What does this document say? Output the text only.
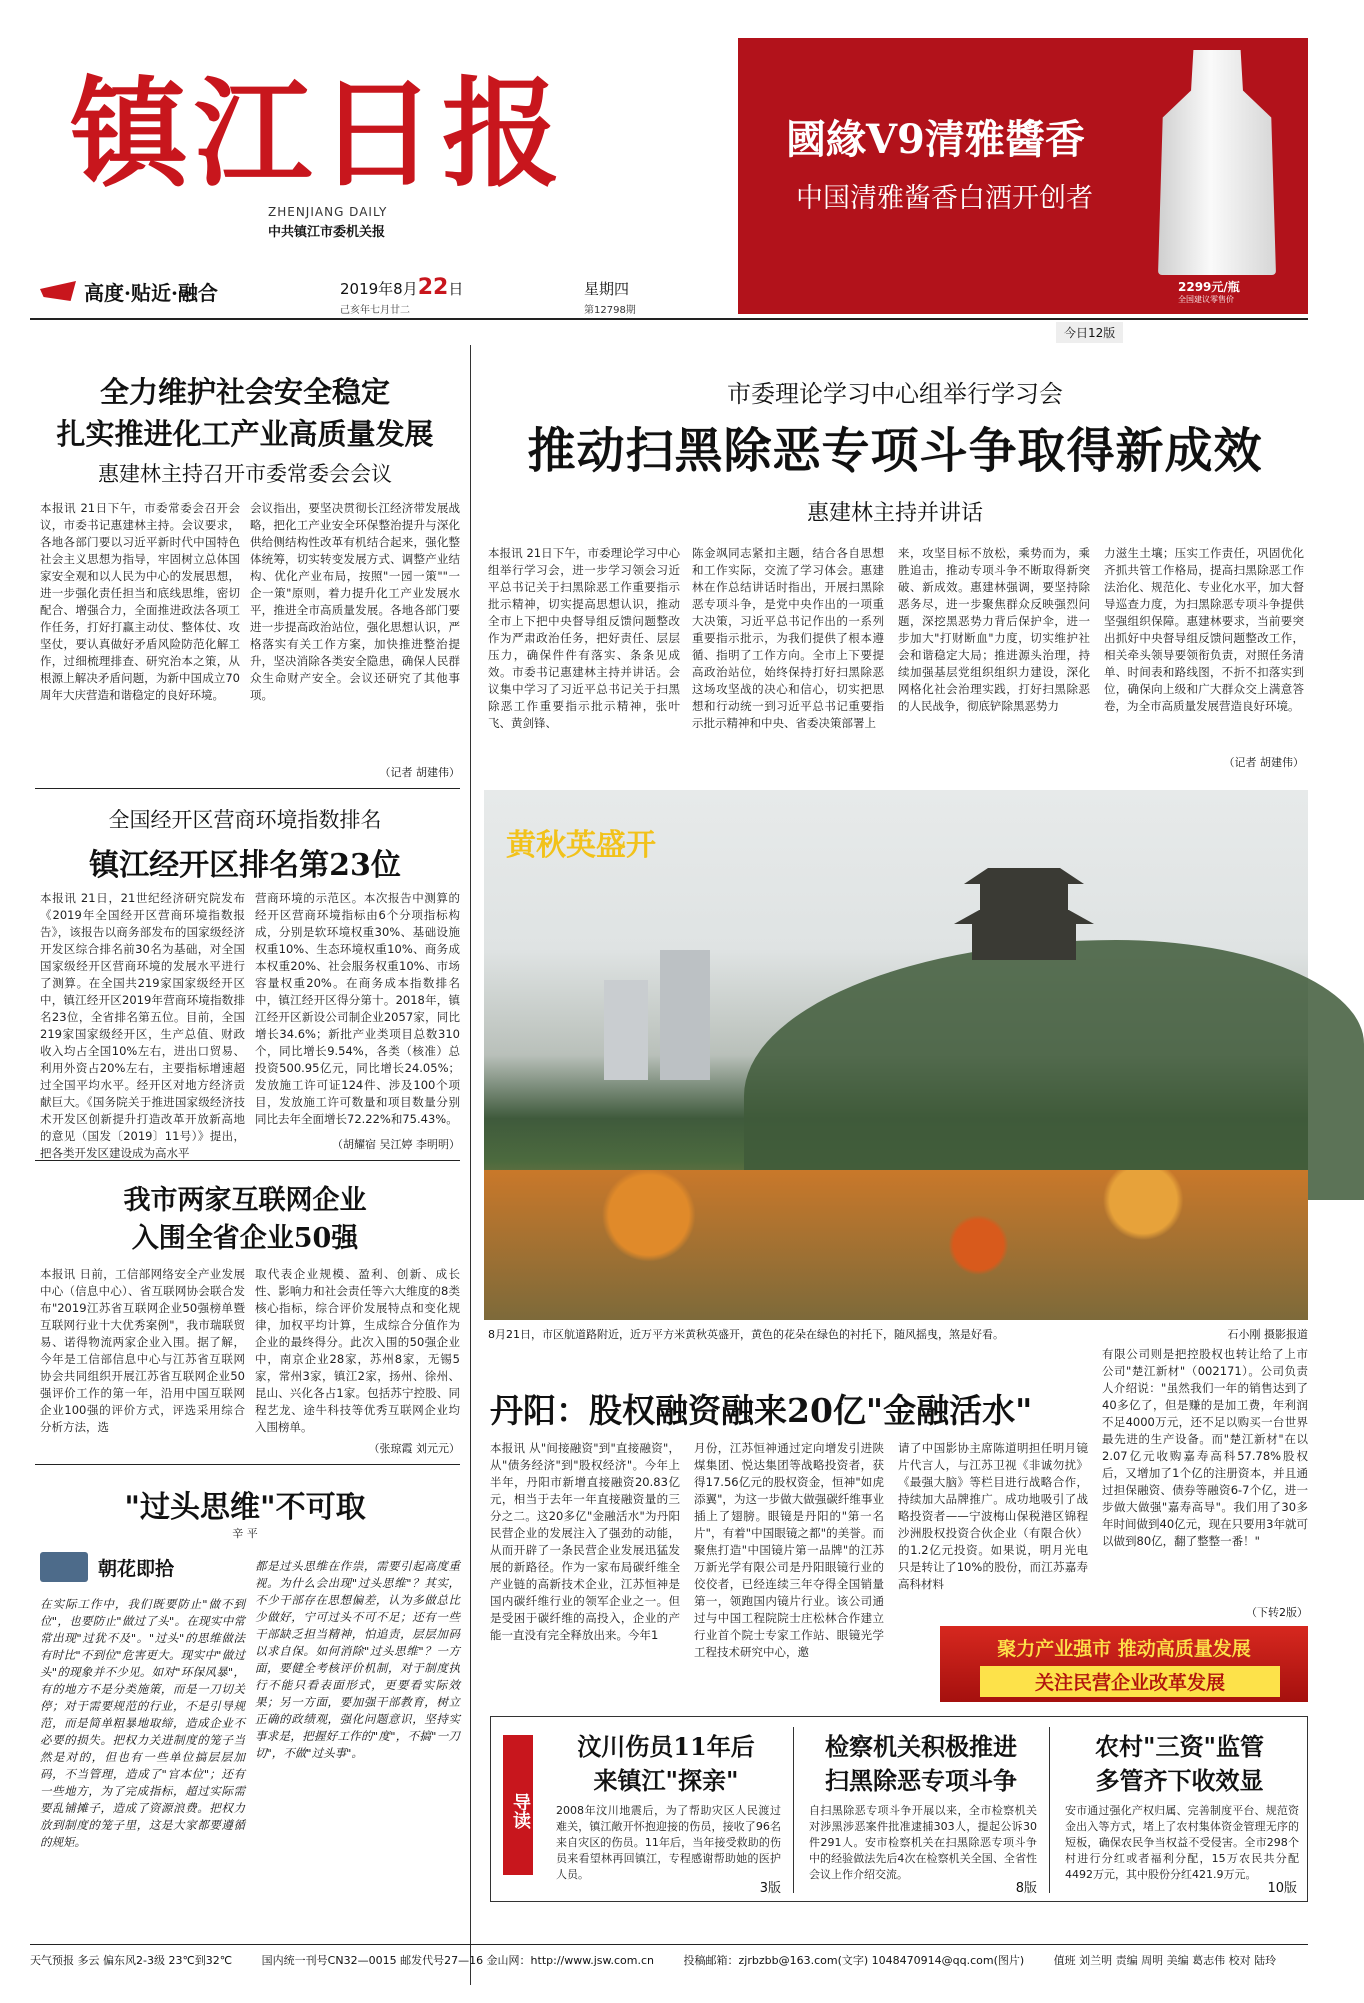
镇江日报
ZHENJIANG DAILY
中共镇江市委机关报
高度·贴近·融合	2019年8月22日
己亥年七月廿二
星期四
第12798期
國緣V9清雅醬香
中国清雅酱香白酒开创者
2299元/瓶
全国建议零售价
今日12版
全力维护社会安全稳定
扎实推进化工产业高质量发展
惠建林主持召开市委常委会会议
本报讯 21日下午，市委常委会召开会议，市委书记惠建林主持。会议要求，各地各部门要以习近平新时代中国特色社会主义思想为指导，牢固树立总体国家安全观和以人民为中心的发展思想，进一步强化责任担当和底线思维，密切配合、增强合力，全面推进政法各项工作任务，打好打赢主动仗、整体仗、攻坚仗，要认真做好矛盾风险防范化解工作，过细梳理排查、研究治本之策，从根源上解决矛盾问题，为新中国成立70周年大庆营造和谐稳定的良好环境。
会议指出，要坚决贯彻长江经济带发展战略，把化工产业安全环保整治提升与深化供给侧结构性改革有机结合起来，强化整体统筹，切实转变发展方式、调整产业结构、优化产业布局，按照"一园一策""一企一策"原则，着力提升化工产业发展水平，推进全市高质量发展。各地各部门要进一步提高政治站位，强化思想认识，严格落实有关工作方案，加快推进整治提升，坚决消除各类安全隐患，确保人民群众生命财产安全。会议还研究了其他事项。
（记者 胡建伟）
全国经开区营商环境指数排名
镇江经开区排名第23位
本报讯 21日，21世纪经济研究院发布《2019年全国经开区营商环境指数报告》，该报告以商务部发布的国家级经济开发区综合排名前30名为基础，对全国国家级经开区营商环境的发展水平进行了测算。在全国共219家国家级经开区中，镇江经开区2019年营商环境指数排名23位，全省排名第五位。目前，全国219家国家级经开区，生产总值、财政收入均占全国10%左右，进出口贸易、利用外资占20%左右，主要指标增速超过全国平均水平。经开区对地方经济贡献巨大。《国务院关于推进国家级经济技术开发区创新提升打造改革开放新高地的意见（国发〔2019〕11号）》提出，把各类开发区建设成为高水平
营商环境的示范区。本次报告中测算的经开区营商环境指标由6个分项指标构成，分别是软环境权重30%、基础设施权重10%、生态环境权重10%、商务成本权重20%、社会服务权重10%、市场容量权重20%。在商务成本指数排名中，镇江经开区得分第十。2018年，镇江经开区新设公司制企业2057家，同比增长34.6%；新批产业类项目总数310个，同比增长9.54%，各类（核准）总投资500.95亿元，同比增长24.05%；发放施工许可证124件、涉及100个项目，发放施工许可数量和项目数量分别同比去年全面增长72.22%和75.43%。
（胡耀宿 吴江婷 李明明）
我市两家互联网企业
入围全省企业50强
本报讯 日前，工信部网络安全产业发展中心（信息中心）、省互联网协会联合发布"2019江苏省互联网企业50强榜单暨互联网行业十大优秀案例"，我市瑞联贸易、诺得物流两家企业入围。据了解，今年是工信部信息中心与江苏省互联网协会共同组织开展江苏省互联网企业50强评价工作的第一年，沿用中国互联网企业100强的评价方式，评选采用综合分析方法，选
取代表企业规模、盈利、创新、成长性、影响力和社会责任等六大维度的8类核心指标，综合评价发展特点和变化规律，加权平均计算，生成综合分值作为企业的最终得分。此次入围的50强企业中，南京企业28家，苏州8家，无锡5家，常州3家，镇江2家，扬州、徐州、昆山、兴化各占1家。包括苏宁控股、同程艺龙、途牛科技等优秀互联网企业均入围榜单。
（张琼霞 刘元元）
"过头思维"不可取
辛 平
朝花即拾
在实际工作中，我们既要防止"做不到位"，也要防止"做过了头"。在现实中常常出现"过犹不及"。"过头"的思维做法有时比"不到位"危害更大。现实中"做过头"的现象并不少见。如对"环保风暴"，有的地方不是分类施策，而是一刀切关停；对于需要规范的行业，不是引导规范，而是简单粗暴地取缔，造成企业不必要的损失。把权力关进制度的笼子当然是对的，但也有一些单位搞层层加码，不当管理，造成了"官本位"；还有一些地方，为了完成指标，超过实际需要乱铺摊子，造成了资源浪费。把权力放到制度的笼子里，这是大家都要遵循的规矩。
都是过头思维在作祟，需要引起高度重视。为什么会出现"过头思维"？其实，不少干部存在思想偏差，认为多做总比少做好，宁可过头不可不足；还有一些干部缺乏担当精神，怕追责，层层加码以求自保。如何消除"过头思维"？一方面，要健全考核评价机制，对于制度执行不能只看表面形式，更要看实际效果；另一方面，要加强干部教育，树立正确的政绩观，强化问题意识，坚持实事求是，把握好工作的"度"，不搞"一刀切"，不做"过头事"。
市委理论学习中心组举行学习会
推动扫黑除恶专项斗争取得新成效
惠建林主持并讲话
本报讯 21日下午，市委理论学习中心组举行学习会，进一步学习领会习近平总书记关于扫黑除恶工作重要指示批示精神，切实提高思想认识，推动全市上下把中央督导组反馈问题整改作为严肃政治任务，把好责任、层层压力，确保件件有落实、条条见成效。市委书记惠建林主持并讲话。会议集中学习了习近平总书记关于扫黑除恶工作重要指示批示精神，张叶飞、黄剑锋、
陈金飒同志紧扣主题，结合各自思想和工作实际，交流了学习体会。惠建林在作总结讲话时指出，开展扫黑除恶专项斗争，是党中央作出的一项重大决策，习近平总书记作出的一系列重要指示批示，为我们提供了根本遵循、指明了工作方向。全市上下要提高政治站位，始终保持打好扫黑除恶这场攻坚战的决心和信心，切实把思想和行动统一到习近平总书记重要指示批示精神和中央、省委决策部署上
来，攻坚目标不放松，乘势而为，乘胜追击，推动专项斗争不断取得新突破、新成效。惠建林强调，要坚持除恶务尽，进一步聚焦群众反映强烈问题，深挖黑恶势力背后保护伞，进一步加大"打财断血"力度，切实维护社会和谐稳定大局；推进源头治理，持续加强基层党组织组织力建设，深化网格化社会治理实践，打好扫黑除恶的人民战争，彻底铲除黑恶势力
力滋生土壤；压实工作责任，巩固优化齐抓共管工作格局，提高扫黑除恶工作法治化、规范化、专业化水平，加大督导巡查力度，为扫黑除恶专项斗争提供坚强组织保障。惠建林要求，当前要突出抓好中央督导组反馈问题整改工作，相关牵头领导要领衔负责，对照任务清单、时间表和路线图，不折不扣落实到位，确保向上级和广大群众交上满意答卷，为全市高质量发展营造良好环境。
（记者 胡建伟）
黄秋英盛开
8月21日，市区航道路附近，近万平方米黄秋英盛开，黄色的花朵在绿色的衬托下，随风摇曳，煞是好看。	石小刚 摄影报道
丹阳：股权融资融来20亿"金融活水"
本报讯 从"间接融资"到"直接融资"，从"债务经济"到"股权经济"。今年上半年，丹阳市新增直接融资20.83亿元，相当于去年一年直接融资量的三分之二。这20多亿"金融活水"为丹阳民营企业的发展注入了强劲的动能，从而开辟了一条民营企业发展迅猛发展的新路径。作为一家布局碳纤维全产业链的高新技术企业，江苏恒神是国内碳纤维行业的领军企业之一。但是受困于碳纤维的高投入，企业的产能一直没有完全释放出来。今年1
月份，江苏恒神通过定向增发引进陕煤集团、悦达集团等战略投资者，获得17.56亿元的股权资金，恒神"如虎添翼"，为这一步做大做强碳纤维事业插上了翅膀。眼镜是丹阳的"第一名片"，有着"中国眼镜之都"的美誉。而聚焦打造"中国镜片第一品牌"的江苏万新光学有限公司是丹阳眼镜行业的佼佼者，已经连续三年夺得全国销量第一，领跑国内镜片行业。该公司通过与中国工程院院士庄松林合作建立行业首个院士专家工作站、眼镜光学工程技术研究中心，邀
请了中国影协主席陈道明担任明月镜片代言人，与江苏卫视《非诚勿扰》《最强大脑》等栏目进行战略合作，持续加大品牌推广。成功地吸引了战略投资者——宁波梅山保税港区锦程沙洲股权投资合伙企业（有限合伙）的1.2亿元投资。如果说，明月光电只是转让了10%的股份，而江苏嘉寿高科材料
有限公司则是把控股权也转让给了上市公司"楚江新材"（002171）。公司负责人介绍说："虽然我们一年的销售达到了40多亿了，但是赚的是加工费，年利润不足4000万元，还不足以购买一台世界最先进的生产设备。而"楚江新材"在以2.07亿元收购嘉寿高科57.78%股权后，又增加了1个亿的注册资本，并且通过担保融资、债券等融资6-7个亿，进一步做大做强"嘉寿高导"。我们用了30多年时间做到40亿元，现在只要用3年就可以做到80亿，翻了整整一番！"
（下转2版）
聚力产业强市 推动高质量发展
关注民营企业改革发展
导读
汶川伤员11年后
来镇江"探亲"
2008年汶川地震后，为了帮助灾区人民渡过难关，镇江敞开怀抱迎接的伤员，接收了96名来自灾区的伤员。11年后，当年接受救助的伤员来看望林再回镇江，专程感谢帮助她的医护人员。
3版
检察机关积极推进
扫黑除恶专项斗争
自扫黑除恶专项斗争开展以来，全市检察机关对涉黑涉恶案件批准逮捕303人，提起公诉30件291人。安市检察机关在扫黑除恶专项斗争中的经验做法先后4次在检察机关全国、全省性会议上作介绍交流。
8版
农村"三资"监管
多管齐下收效显
安市通过强化产权归属、完善制度平台、规范资金出入等方式，堵上了农村集体资金管理无序的短板，确保农民争当权益不受侵害。全市298个村进行分红或者福利分配，15万农民共分配4492万元，其中股份分红421.9万元。
10版
天气预报 多云 偏东风2-3级 23℃到32℃	国内统一刊号CN32—0015 邮发代号27—16 金山网：http://www.jsw.com.cn	投稿邮箱：zjrbzbb@163.com(文字) 1048470914@qq.com(图片)	值班 刘兰明 责编 周明 美编 葛志伟 校对 陆玲
